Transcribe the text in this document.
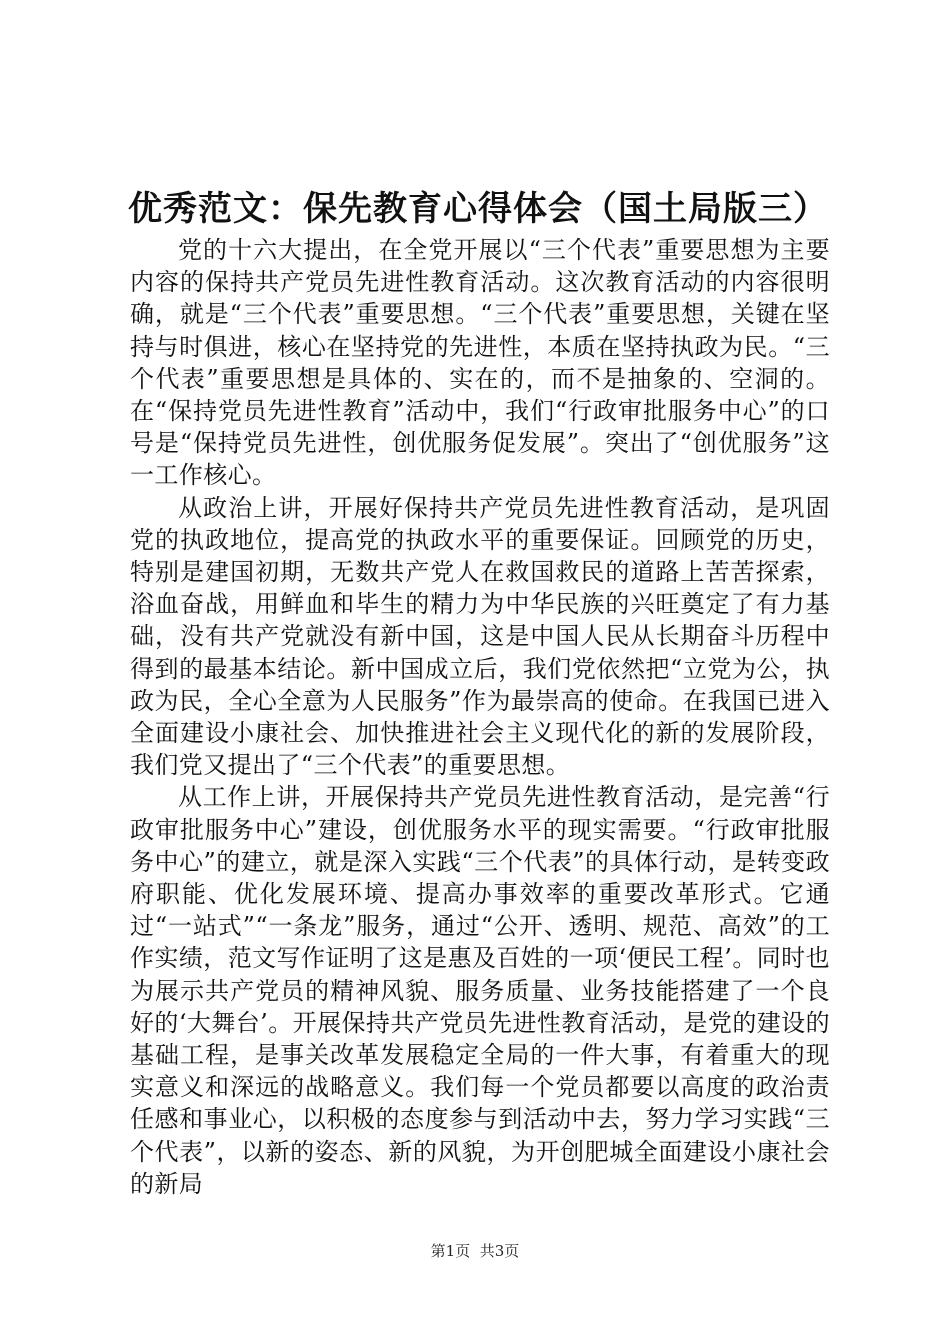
优秀范文：保先教育心得体会（国土局版三）

党的十六大提出，在全党开展以“三个代表”重要思想为主要内容的保持共产党员先进性教育活动。这次教育活动的内容很明确，就是“三个代表”重要思想。“三个代表”重要思想，关键在坚持与时俱进，核心在坚持党的先进性，本质在坚持执政为民。“三个代表”重要思想是具体的、实在的，而不是抽象的、空洞的。在“保持党员先进性教育”活动中，我们“行政审批服务中心”的口号是“保持党员先进性，创优服务促发展”。突出了“创优服务”这一工作核心。

从政治上讲，开展好保持共产党员先进性教育活动，是巩固党的执政地位，提高党的执政水平的重要保证。回顾党的历史，特别是建国初期，无数共产党人在救国救民的道路上苦苦探索，浴血奋战，用鲜血和毕生的精力为中华民族的兴旺奠定了有力基础，没有共产党就没有新中国，这是中国人民从长期奋斗历程中得到的最基本结论。新中国成立后，我们党依然把“立党为公，执政为民，全心全意为人民服务”作为最崇高的使命。在我国已进入全面建设小康社会、加快推进社会主义现代化的新的发展阶段，我们党又提出了“三个代表”的重要思想。

从工作上讲，开展保持共产党员先进性教育活动，是完善“行政审批服务中心”建设，创优服务水平的现实需要。“行政审批服务中心”的建立，就是深入实践“三个代表”的具体行动，是转变政府职能、优化发展环境、提高办事效率的重要改革形式。它通过“一站式”“一条龙”服务，通过“公开、透明、规范、高效”的工作实绩，范文写作证明了这是惠及百姓的一项‘便民工程’。同时也为展示共产党员的精神风貌、服务质量、业务技能搭建了一个良好的‘大舞台’。开展保持共产党员先进性教育活动，是党的建设的基础工程，是事关改革发展稳定全局的一件大事，有着重大的现实意义和深远的战略意义。我们每一个党员都要以高度的政治责任感和事业心，以积极的态度参与到活动中去，努力学习实践“三个代表”，以新的姿态、新的风貌，为开创肥城全面建设小康社会的新局

第1页 共3页
